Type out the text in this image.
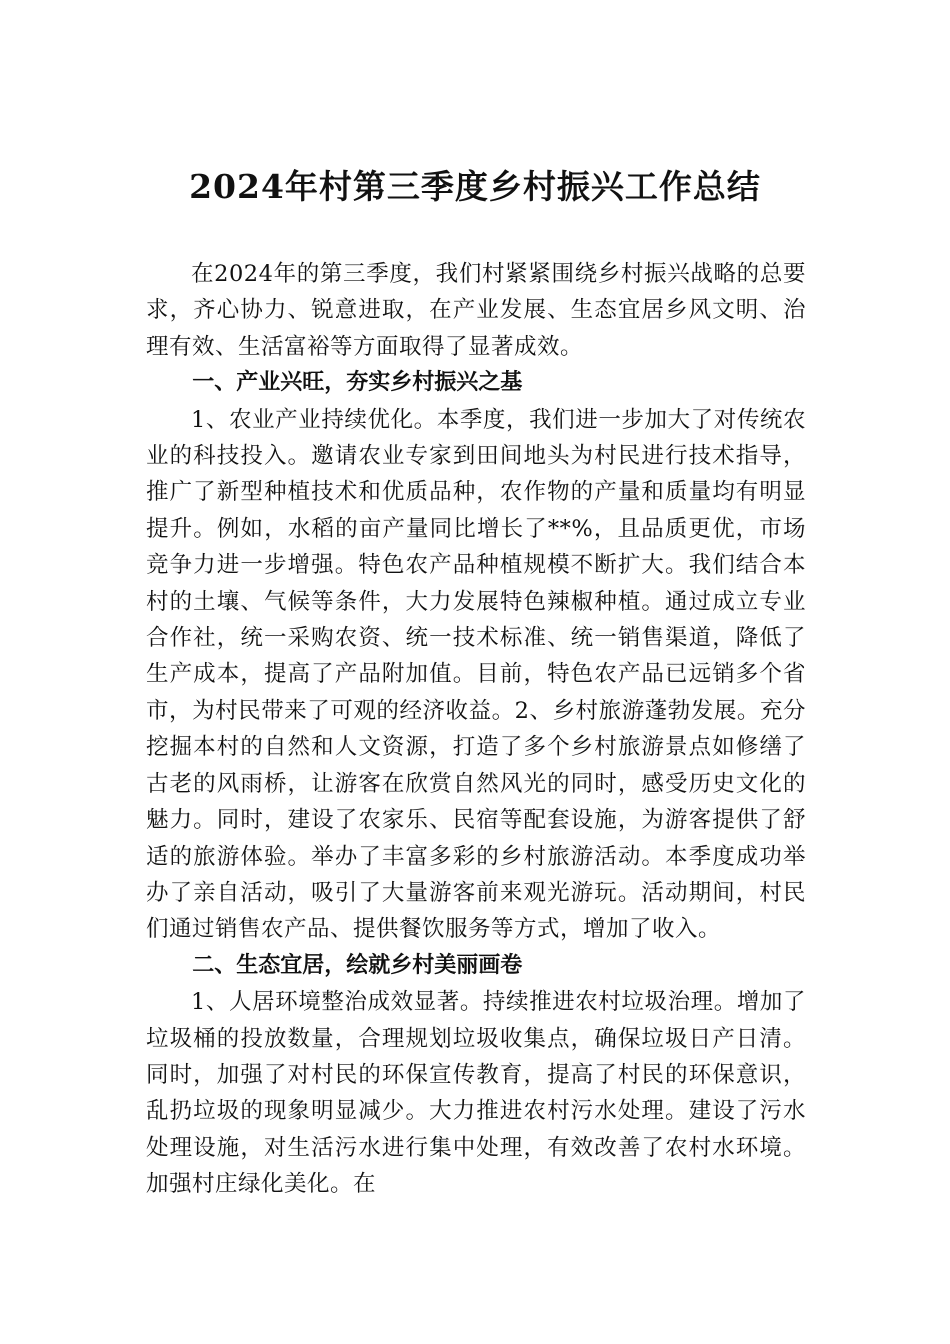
2024年村第三季度乡村振兴工作总结

在2024年的第三季度，我们村紧紧围绕乡村振兴战略的总要求，齐心协力、锐意进取，在产业发展、生态宜居乡风文明、治理有效、生活富裕等方面取得了显著成效。

一、产业兴旺，夯实乡村振兴之基

1、农业产业持续优化。本季度，我们进一步加大了对传统农业的科技投入。邀请农业专家到田间地头为村民进行技术指导，推广了新型种植技术和优质品种，农作物的产量和质量均有明显提升。例如，水稻的亩产量同比增长了**%，且品质更优，市场竞争力进一步增强。特色农产品种植规模不断扩大。我们结合本村的土壤、气候等条件，大力发展特色辣椒种植。通过成立专业合作社，统一采购农资、统一技术标准、统一销售渠道，降低了生产成本，提高了产品附加值。目前，特色农产品已远销多个省市，为村民带来了可观的经济收益。2、乡村旅游蓬勃发展。充分挖掘本村的自然和人文资源，打造了多个乡村旅游景点如修缮了古老的风雨桥，让游客在欣赏自然风光的同时，感受历史文化的魅力。同时，建设了农家乐、民宿等配套设施，为游客提供了舒适的旅游体验。举办了丰富多彩的乡村旅游活动。本季度成功举办了亲自活动，吸引了大量游客前来观光游玩。活动期间，村民们通过销售农产品、提供餐饮服务等方式，增加了收入。

二、生态宜居，绘就乡村美丽画卷

1、人居环境整治成效显著。持续推进农村垃圾治理。增加了垃圾桶的投放数量，合理规划垃圾收集点，确保垃圾日产日清。同时，加强了对村民的环保宣传教育，提高了村民的环保意识，乱扔垃圾的现象明显减少。大力推进农村污水处理。建设了污水处理设施，对生活污水进行集中处理，有效改善了农村水环境。加强村庄绿化美化。在
